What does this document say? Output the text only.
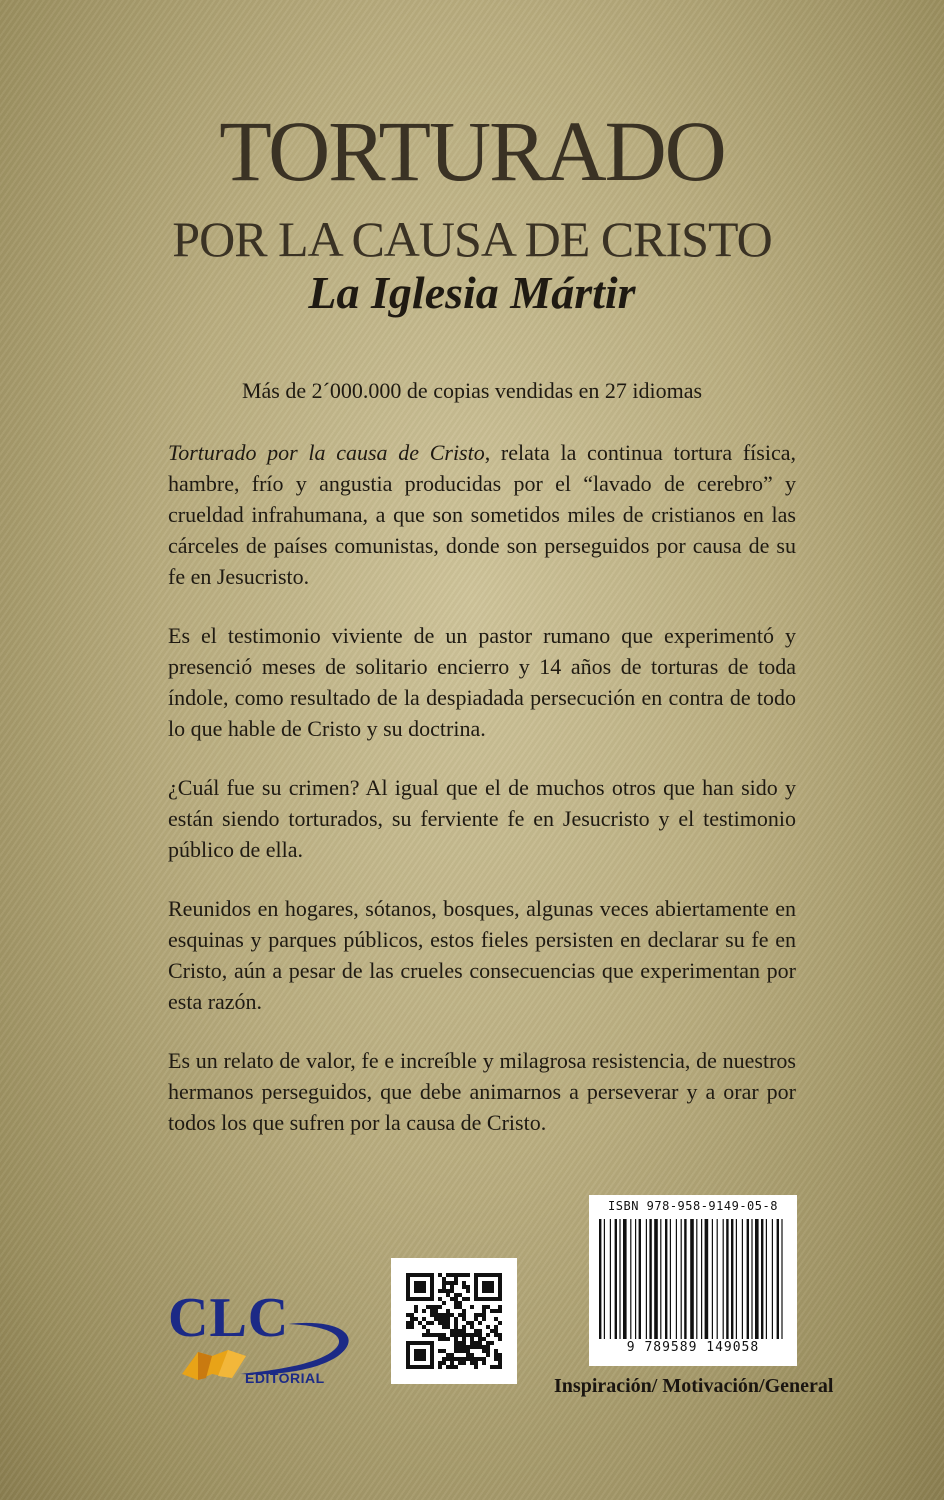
TORTURADO
POR LA CAUSA DE CRISTO
La Iglesia Mártir
Más de 2´000.000 de copias vendidas en 27 idiomas

Torturado por la causa de Cristo, relata la continua tortura física, hambre, frío y angustia producidas por el “lavado de cerebro” y crueldad infrahumana, a que son sometidos miles de cristianos en las cárceles de países comunistas, donde son perseguidos por causa de su fe en Jesucristo.

Es el testimonio viviente de un pastor rumano que experimentó y presenció meses de solitario encierro y 14 años de torturas de toda índole, como resultado de la despiadada persecución en contra de todo lo que hable de Cristo y su doctrina.

¿Cuál fue su crimen? Al igual que el de muchos otros que han sido y están siendo torturados, su ferviente fe en Jesucristo y el testimonio público de ella.

Reunidos en hogares, sótanos, bosques, algunas veces abiertamente en esquinas y parques públicos, estos fieles persisten en declarar su fe en Cristo, aún a pesar de las crueles consecuencias que experimentan por esta razón.

Es un relato de valor, fe e increíble y milagrosa resistencia, de nuestros hermanos perseguidos, que debe animarnos a perseverar y a orar por todos los que sufren por la causa de Cristo.

CLC
EDITORIAL
ISBN 978-958-9149-05-8
9 789589 149058
Inspiración/ Motivación/General
